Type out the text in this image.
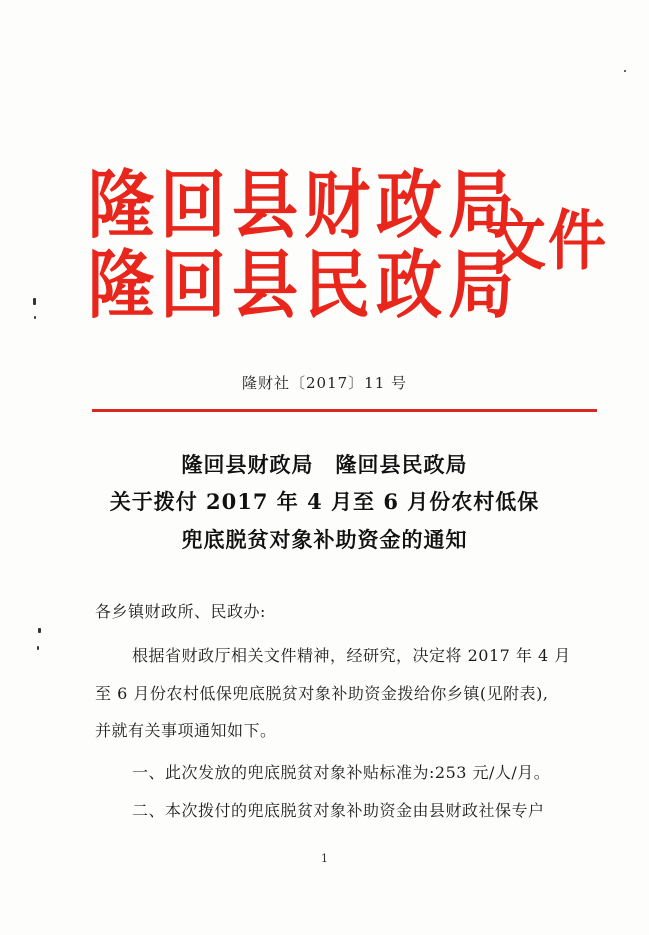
隆回县财政局
隆回县民政局
文件
隆财社〔2017〕11 号
隆回县财政局　隆回县民政局
关于拨付 2017 年 4 月至 6 月份农村低保
兜底脱贫对象补助资金的通知
各乡镇财政所、民政办:
根据省财政厅相关文件精神，经研究，决定将 2017 年 4 月
至 6 月份农村低保兜底脱贫对象补助资金拨给你乡镇(见附表),
并就有关事项通知如下。
一、此次发放的兜底脱贫对象补贴标准为:253 元/人/月。
二、本次拨付的兜底脱贫对象补助资金由县财政社保专户
1
